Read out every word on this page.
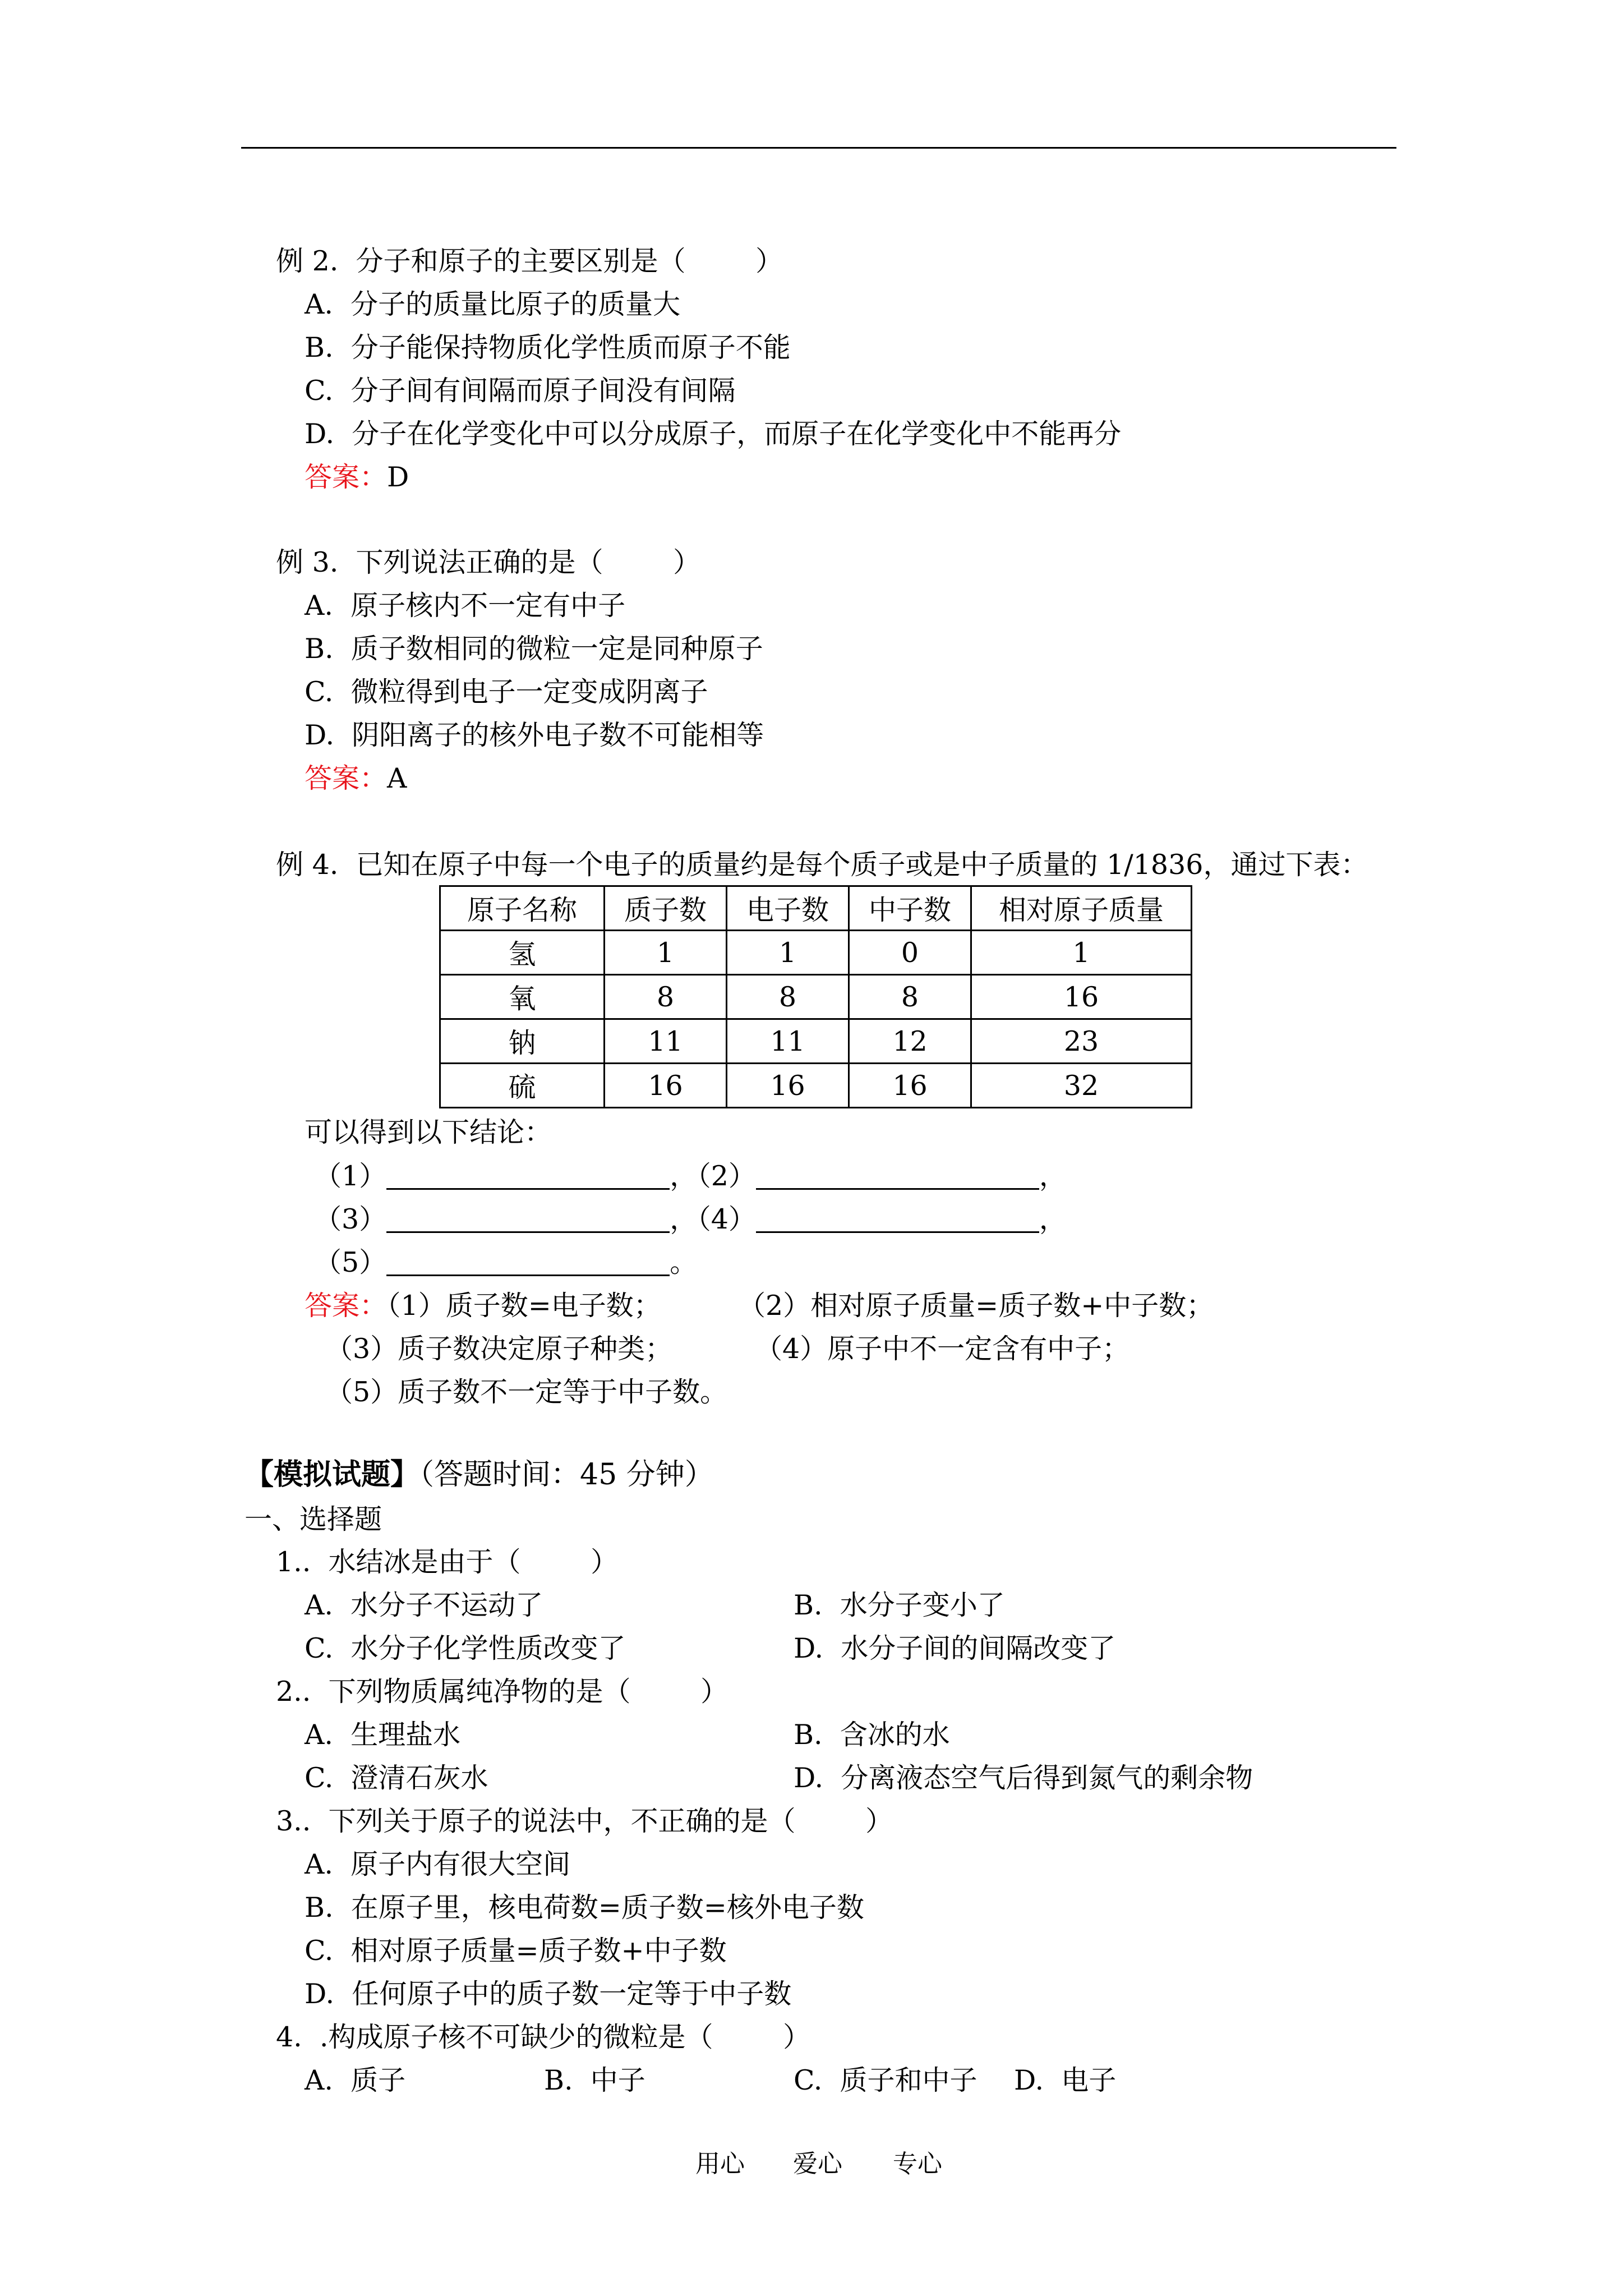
例 2.  分子和原子的主要区别是（        ）
A.  分子的质量比原子的质量大
B.  分子能保持物质化学性质而原子不能
C.  分子间有间隔而原子间没有间隔
D.  分子在化学变化中可以分成原子，而原子在化学变化中不能再分
答案：D
例 3.  下列说法正确的是（        ）
A.  原子核内不一定有中子
B.  质子数相同的微粒一定是同种原子
C.  微粒得到电子一定变成阴离子
D.  阴阳离子的核外电子数不可能相等
答案：A
例 4.  已知在原子中每一个电子的质量约是每个质子或是中子质量的 1/1836，通过下表：
原子名称	质子数	电子数	中子数	相对原子质量
氢	1	1	0	1
氧	8	8	8	16
钠	11	11	12	23
硫	16	16	16	32
可以得到以下结论：
（1）	，（2）	，
（3）	，（4）	，
（5）	。
答案：（1）质子数=电子数；	（2）相对原子质量=质子数+中子数；
（3）质子数决定原子种类；	（4）原子中不一定含有中子；
（5）质子数不一定等于中子数。
【模拟试题】（答题时间：45 分钟）
一、选择题
1..  水结冰是由于（        ）
A.  水分子不运动了	B.  水分子变小了
C.  水分子化学性质改变了	D.  水分子间的间隔改变了
2..  下列物质属纯净物的是（        ）
A.  生理盐水	B.  含冰的水
C.  澄清石灰水	D.  分离液态空气后得到氮气的剩余物
3..  下列关于原子的说法中，不正确的是（        ）
A.  原子内有很大空间
B.  在原子里，核电荷数=质子数=核外电子数
C.  相对原子质量=质子数+中子数
D.  任何原子中的质子数一定等于中子数
4.  .构成原子核不可缺少的微粒是（        ）
A.  质子	B.  中子	C.  质子和中子 D.  电子
用心 爱心 专心
